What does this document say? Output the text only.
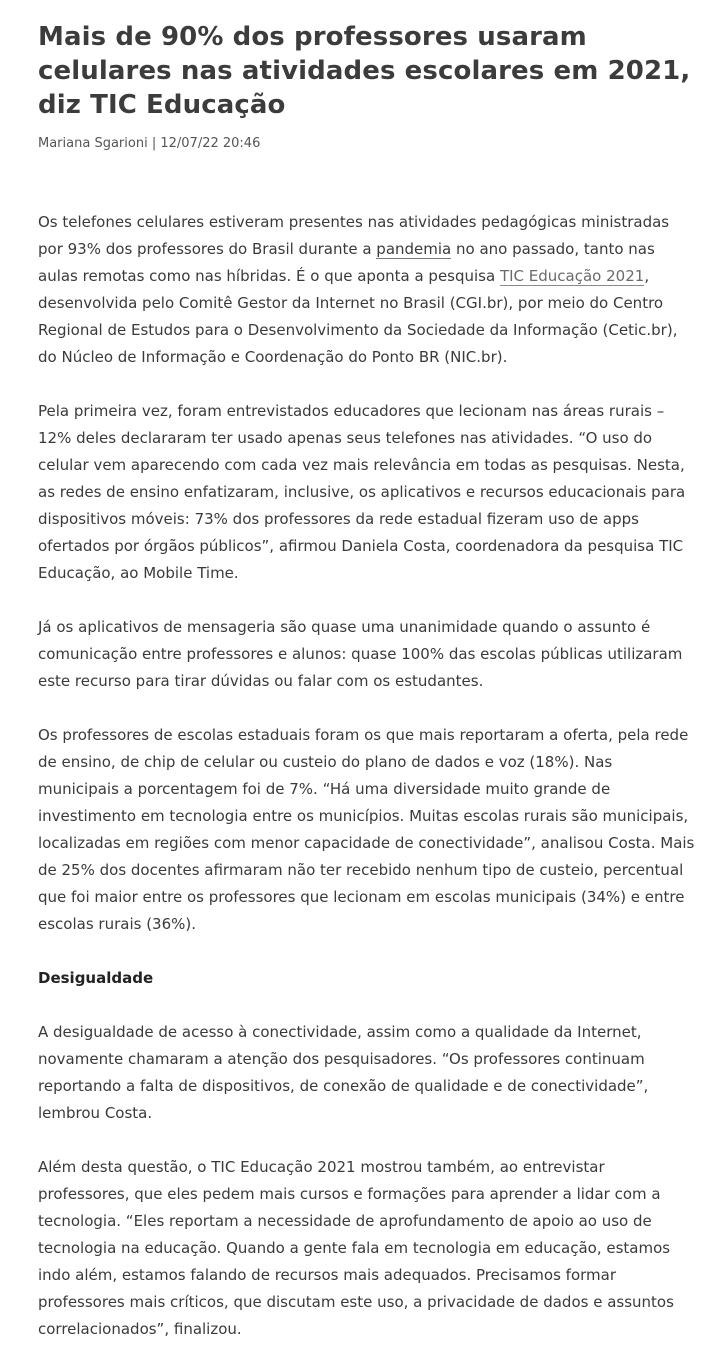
Mais de 90% dos professores usaram celulares nas atividades escolares em 2021, diz TIC Educação
Mariana Sgarioni | 12/07/22 20:46

Os telefones celulares estiveram presentes nas atividades pedagógicas ministradas por 93% dos professores do Brasil durante a pandemia no ano passado, tanto nas aulas remotas como nas híbridas. É o que aponta a pesquisa TIC Educação 2021, desenvolvida pelo Comitê Gestor da Internet no Brasil (CGI.br), por meio do Centro Regional de Estudos para o Desenvolvimento da Sociedade da Informação (Cetic.br), do Núcleo de Informação e Coordenação do Ponto BR (NIC.br).

Pela primeira vez, foram entrevistados educadores que lecionam nas áreas rurais – 12% deles declararam ter usado apenas seus telefones nas atividades. “O uso do celular vem aparecendo com cada vez mais relevância em todas as pesquisas. Nesta, as redes de ensino enfatizaram, inclusive, os aplicativos e recursos educacionais para dispositivos móveis: 73% dos professores da rede estadual fizeram uso de apps ofertados por órgãos públicos”, afirmou Daniela Costa, coordenadora da pesquisa TIC Educação, ao Mobile Time.

Já os aplicativos de mensageria são quase uma unanimidade quando o assunto é comunicação entre professores e alunos: quase 100% das escolas públicas utilizaram este recurso para tirar dúvidas ou falar com os estudantes.

Os professores de escolas estaduais foram os que mais reportaram a oferta, pela rede de ensino, de chip de celular ou custeio do plano de dados e voz (18%). Nas municipais a porcentagem foi de 7%. “Há uma diversidade muito grande de investimento em tecnologia entre os municípios. Muitas escolas rurais são municipais, localizadas em regiões com menor capacidade de conectividade”, analisou Costa. Mais de 25% dos docentes afirmaram não ter recebido nenhum tipo de custeio, percentual que foi maior entre os professores que lecionam em escolas municipais (34%) e entre escolas rurais (36%).

Desigualdade

A desigualdade de acesso à conectividade, assim como a qualidade da Internet, novamente chamaram a atenção dos pesquisadores. “Os professores continuam reportando a falta de dispositivos, de conexão de qualidade e de conectividade”, lembrou Costa.

Além desta questão, o TIC Educação 2021 mostrou também, ao entrevistar professores, que eles pedem mais cursos e formações para aprender a lidar com a tecnologia. “Eles reportam a necessidade de aprofundamento de apoio ao uso de tecnologia na educação. Quando a gente fala em tecnologia em educação, estamos indo além, estamos falando de recursos mais adequados. Precisamos formar professores mais críticos, que discutam este uso, a privacidade de dados e assuntos correlacionados”, finalizou.
